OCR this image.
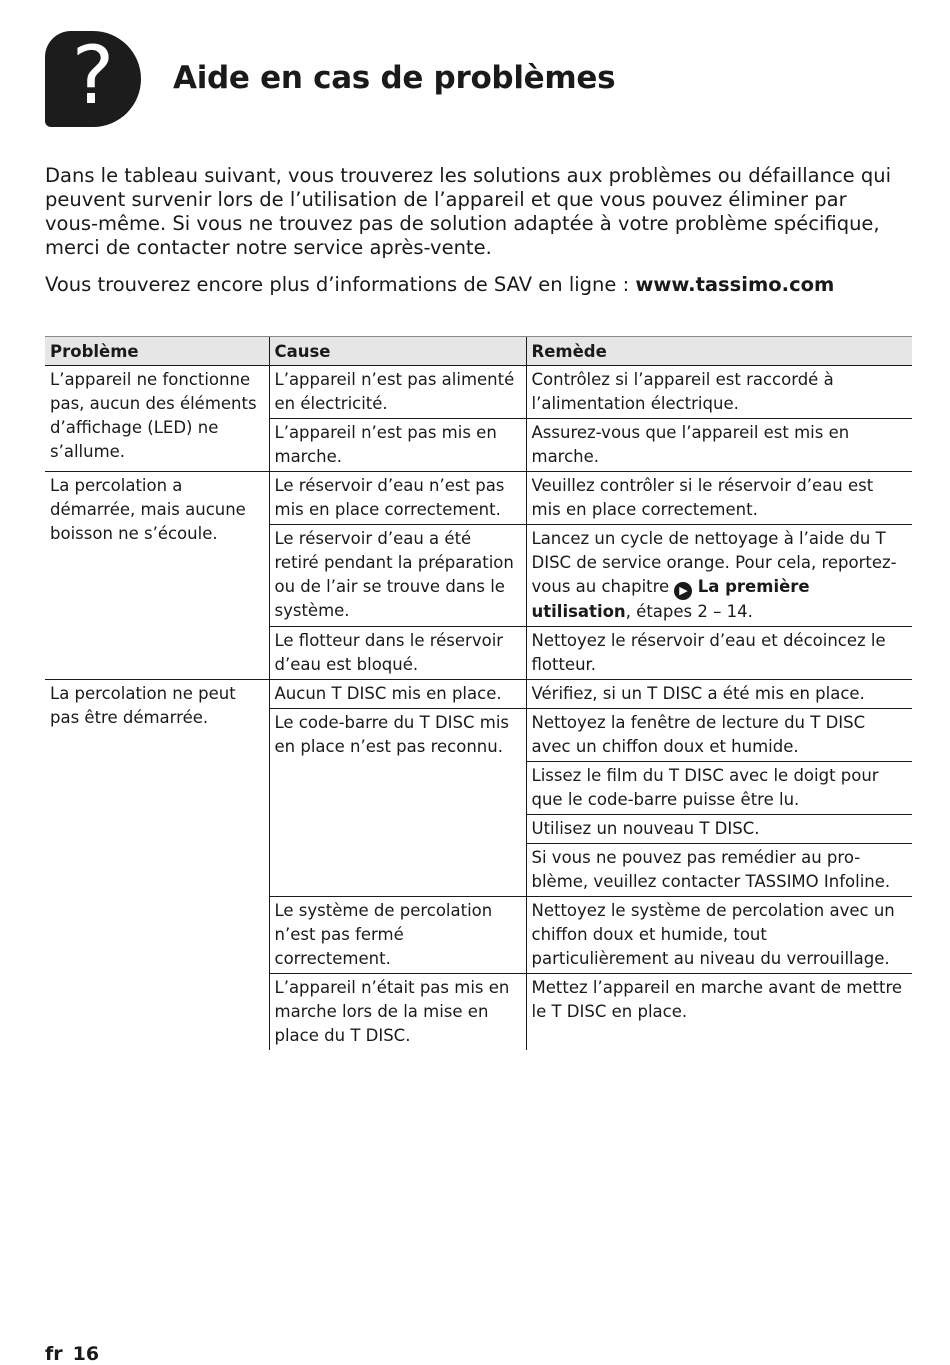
? Aide en cas de problèmes

Dans le tableau suivant, vous trouverez les solutions aux problèmes ou défaillance qui peuvent survenir lors de l’utilisation de l’appareil et que vous pouvez éliminer par vous-même. Si vous ne trouvez pas de solution adaptée à votre problème spécifique, merci de contacter notre service après-vente.

Vous trouverez encore plus d’informations de SAV en ligne : www.tassimo.com

Problème	Cause	Remède
L’appareil ne fonctionne pas, aucun des éléments d’affichage (LED) ne s’allume.	L’appareil n’est pas alimenté en électricité.	Contrôlez si l’appareil est raccordé à l’alimentation électrique.
	L’appareil n’est pas mis en marche.	Assurez-vous que l’appareil est mis en marche.
La percolation a démarrée, mais aucune boisson ne s’écoule.	Le réservoir d’eau n’est pas mis en place correctement.	Veuillez contrôler si le réservoir d’eau est mis en place correctement.
	Le réservoir d’eau a été retiré pendant la préparation ou de l’air se trouve dans le système.	Lancez un cycle de nettoyage à l’aide du T DISC de service orange. Pour cela, reportez-vous au chapitre ▶ La première utilisation, étapes 2 – 14.
	Le flotteur dans le réservoir d’eau est bloqué.	Nettoyez le réservoir d’eau et décoincez le flotteur.
La percolation ne peut pas être démarrée.	Aucun T DISC mis en place.	Vérifiez, si un T DISC a été mis en place.
	Le code-barre du T DISC mis en place n’est pas reconnu.	Nettoyez la fenêtre de lecture du T DISC avec un chiffon doux et humide.
		Lissez le film du T DISC avec le doigt pour que le code-barre puisse être lu.
		Utilisez un nouveau T DISC.
		Si vous ne pouvez pas remédier au pro-blème, veuillez contacter TASSIMO Infoline.
	Le système de percolation n’est pas fermé correctement.	Nettoyez le système de percolation avec un chiffon doux et humide, tout particulièrement au niveau du verrouillage.
	L’appareil n’était pas mis en marche lors de la mise en place du T DISC.	Mettez l’appareil en marche avant de mettre le T DISC en place.

fr 16
